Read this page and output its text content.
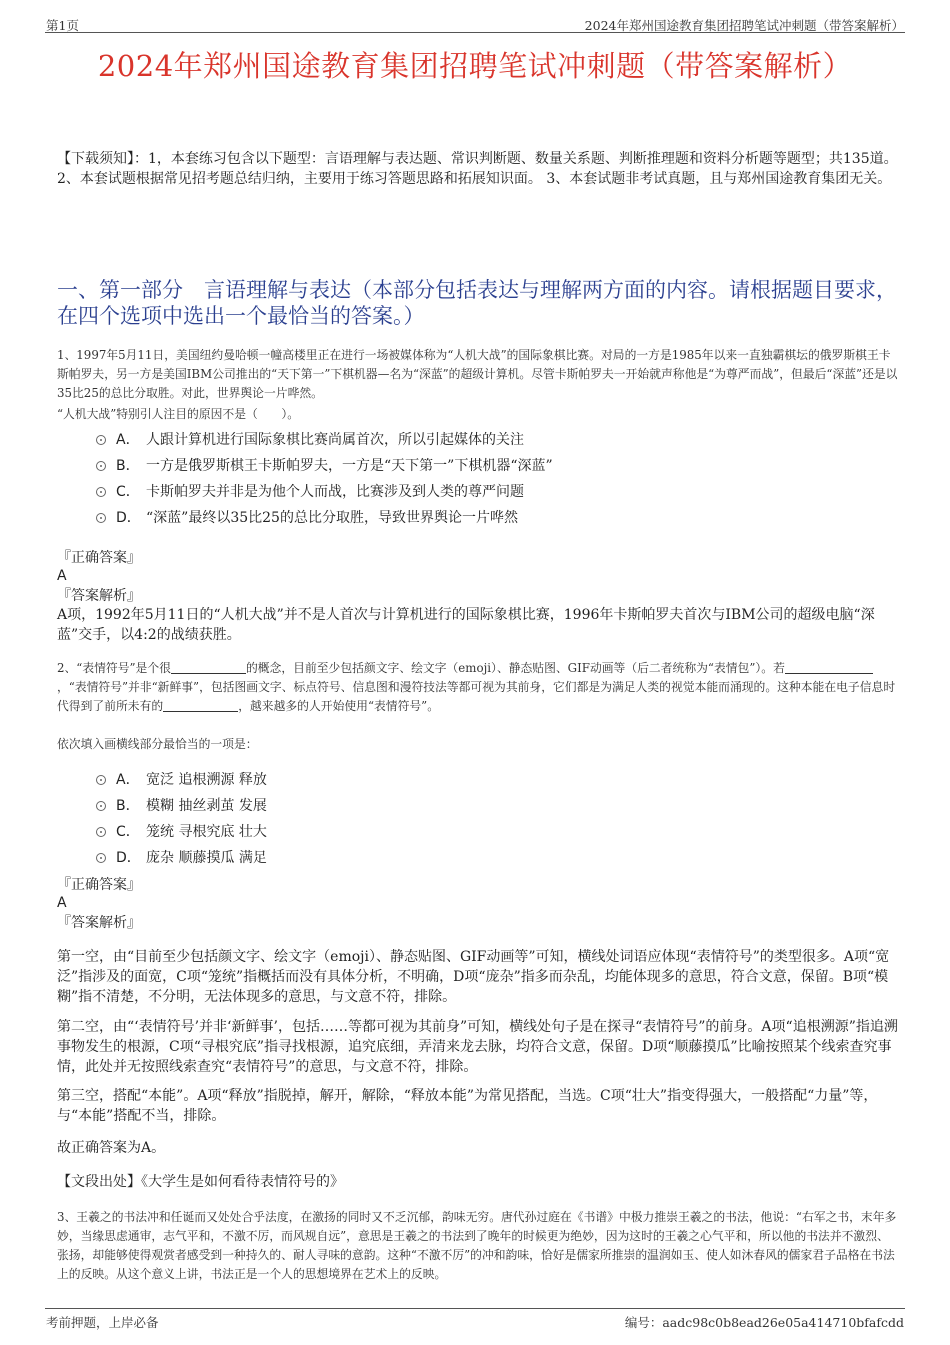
第1页	2024年郑州国途教育集团招聘笔试冲刺题（带答案解析）
2024年郑州国途教育集团招聘笔试冲刺题（带答案解析）
【下载须知】：1，本套练习包含以下题型：言语理解与表达题、常识判断题、数量关系题、判断推理题和资料分析题等题型；共135道。 2、本套试题根据常见招考题总结归纳，主要用于练习答题思路和拓展知识面。 3、本套试题非考试真题，且与郑州国途教育集团无关。
一、第一部分　言语理解与表达（本部分包括表达与理解两方面的内容。请根据题目要求，在四个选项中选出一个最恰当的答案。）
1、1997年5月11日，美国纽约曼哈顿一幢高楼里正在进行一场被媒体称为“人机大战”的国际象棋比赛。对局的一方是1985年以来一直独霸棋坛的俄罗斯棋王卡斯帕罗夫，另一方是美国IBM公司推出的“天下第一”下棋机器—名为“深蓝”的超级计算机。尽管卡斯帕罗夫一开始就声称他是“为尊严而战”，但最后“深蓝”还是以35比25的总比分取胜。对此，世界舆论一片哗然。
“人机大战”特别引人注目的原因不是（　　）。
A． 人跟计算机进行国际象棋比赛尚属首次，所以引起媒体的关注
B． 一方是俄罗斯棋王卡斯帕罗夫，一方是“天下第一”下棋机器“深蓝”
C． 卡斯帕罗夫并非是为他个人而战，比赛涉及到人类的尊严问题
D． “深蓝”最终以35比25的总比分取胜，导致世界舆论一片哗然
『正确答案』
A
『答案解析』
A项，1992年5月11日的“人机大战”并不是人首次与计算机进行的国际象棋比赛，1996年卡斯帕罗夫首次与IBM公司的超级电脑“深蓝”交手，以4:2的战绩获胜。
2、“表情符号”是个很	的概念，目前至少包括颜文字、绘文字（emoji）、静态贴图、GIF动画等（后二者统称为“表情包”）。若，“表情符号”并非“新鲜事”，包括图画文字、标点符号、信息图和漫符技法等都可视为其前身，它们都是为满足人类的视觉本能而涌现的。这种本能在电子信息时代得到了前所未有的	，越来越多的人开始使用“表情符号”。
依次填入画横线部分最恰当的一项是：
A． 宽泛 追根溯源 释放
B． 模糊 抽丝剥茧 发展
C． 笼统 寻根究底 壮大
D． 庞杂 顺藤摸瓜 满足
『正确答案』
A
『答案解析』
第一空，由“目前至少包括颜文字、绘文字（emoji）、静态贴图、GIF动画等”可知，横线处词语应体现“表情符号”的类型很多。A项“宽泛”指涉及的面宽，C项“笼统”指概括而没有具体分析，不明确，D项“庞杂”指多而杂乱，均能体现多的意思，符合文意，保留。B项“模糊”指不清楚，不分明，无法体现多的意思，与文意不符，排除。
第二空，由“‘表情符号’并非‘新鲜事’，包括……等都可视为其前身”可知，横线处句子是在探寻“表情符号”的前身。A项“追根溯源”指追溯事物发生的根源，C项“寻根究底”指寻找根源，追究底细，弄清来龙去脉，均符合文意，保留。D项“顺藤摸瓜”比喻按照某个线索查究事情，此处并无按照线索查究“表情符号”的意思，与文意不符，排除。
第三空，搭配“本能”。A项“释放”指脱掉，解开，解除，“释放本能”为常见搭配，当选。C项“壮大”指变得强大，一般搭配“力量”等，与“本能”搭配不当，排除。
故正确答案为A。
【文段出处】《大学生是如何看待表情符号的》
3、王羲之的书法冲和任诞而又处处合乎法度，在激扬的同时又不乏沉郁，韵味无穷。唐代孙过庭在《书谱》中极力推崇王羲之的书法，他说：“右军之书，末年多妙，当缘思虑通审，志气平和，不激不厉，而风规自远”，意思是王羲之的书法到了晚年的时候更为绝妙，因为这时的王羲之心气平和，所以他的书法并不激烈、张扬，却能够使得观赏者感受到一种持久的、耐人寻味的意韵。这种“不激不厉”的冲和韵味，恰好是儒家所推崇的温润如玉、使人如沐春风的儒家君子品格在书法上的反映。从这个意义上讲，书法正是一个人的思想境界在艺术上的反映。
考前押题，上岸必备	编号：aadc98c0b8ead26e05a414710bfafcdd
